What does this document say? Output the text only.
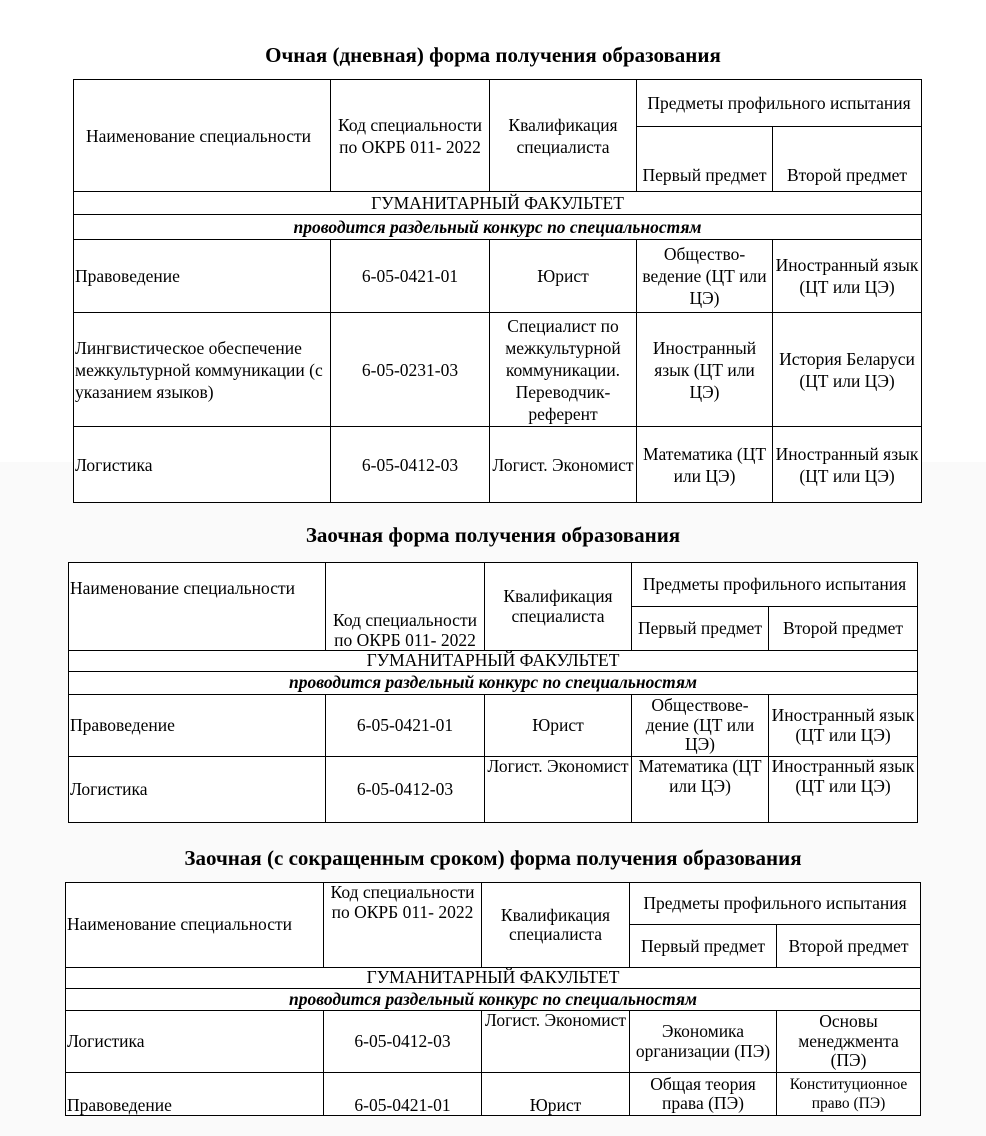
Очная (дневная) форма получения образования
Наименование специальности	Код специальности по ОКРБ 011- 2022	Квалификация специалиста	Предметы профильного испытания	
			Первый предмет	Второй предмет
ГУМАНИТАРНЫЙ ФАКУЛЬТЕТ				
проводится раздельный конкурс по специальностям				
Правоведение	6-05-0421-01	Юрист	Общество-ведение (ЦТ или ЦЭ)	Иностранный язык (ЦТ или ЦЭ)
Лингвистическое обеспечение межкультурной коммуникации (с указанием языков)	6-05-0231-03	Специалист по межкультурной коммуникации. Переводчик-референт	Иностранный язык (ЦТ или ЦЭ)	История Беларуси (ЦТ или ЦЭ)
Логистика	6-05-0412-03	Логист. Экономист	Математика (ЦТ или ЦЭ)	Иностранный язык (ЦТ или ЦЭ)
Заочная форма получения образования
Наименование специальности	Код специальности по ОКРБ 011- 2022	Квалификация специалиста	Предметы профильного испытания	
			Первый предмет	Второй предмет
ГУМАНИТАРНЫЙ ФАКУЛЬТЕТ				
проводится раздельный конкурс по специальностям				
Правоведение	6-05-0421-01	Юрист	Обществове-дение (ЦТ или ЦЭ)	Иностранный язык (ЦТ или ЦЭ)
Логистика	6-05-0412-03	Логист. Экономист	Математика (ЦТ или ЦЭ)	Иностранный язык (ЦТ или ЦЭ)
Заочная (с сокращенным сроком) форма получения образования
Наименование специальности	Код специальности по ОКРБ 011- 2022	Квалификация специалиста	Предметы профильного испытания	
			Первый предмет	Второй предмет
ГУМАНИТАРНЫЙ ФАКУЛЬТЕТ				
проводится раздельный конкурс по специальностям				
Логистика	6-05-0412-03	Логист. Экономист	Экономика организации (ПЭ)	Основы менеджмента (ПЭ)
Правоведение	6-05-0421-01	Юрист	Общая теория права (ПЭ)	Конституционное право (ПЭ)
